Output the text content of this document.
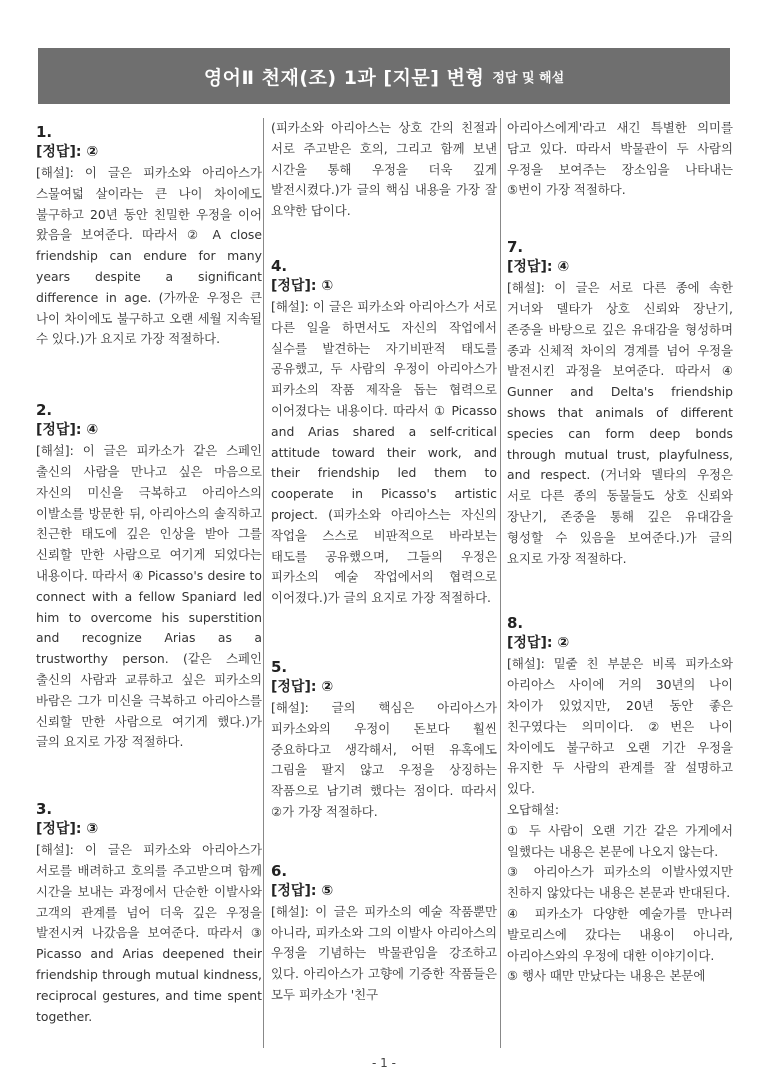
영어Ⅱ 천재(조) 1과 [지문] 변형 정답 및 해설
1.
[정답]: ②
[해설]: 이 글은 피카소와 아리아스가 스물여덟 살이라는 큰 나이 차이에도 불구하고 20년 동안 친밀한 우정을 이어 왔음을 보여준다. 따라서 ② A close friendship can endure for many years despite a significant difference in age. (가까운 우정은 큰 나이 차이에도 불구하고 오랜 세월 지속될 수 있다.)가 요지로 가장 적절하다.
2.
[정답]: ④
[해설]: 이 글은 피카소가 같은 스페인 출신의 사람을 만나고 싶은 마음으로 자신의 미신을 극복하고 아리아스의 이발소를 방문한 뒤, 아리아스의 솔직하고 친근한 태도에 깊은 인상을 받아 그를 신뢰할 만한 사람으로 여기게 되었다는 내용이다. 따라서 ④ Picasso's desire to connect with a fellow Spaniard led him to overcome his superstition and recognize Arias as a trustworthy person. (같은 스페인 출신의 사람과 교류하고 싶은 피카소의 바람은 그가 미신을 극복하고 아리아스를 신뢰할 만한 사람으로 여기게 했다.)가 글의 요지로 가장 적절하다.
3.
[정답]: ③
[해설]: 이 글은 피카소와 아리아스가 서로를 배려하고 호의를 주고받으며 함께 시간을 보내는 과정에서 단순한 이발사와 고객의 관계를 넘어 더욱 깊은 우정을 발전시켜 나갔음을 보여준다. 따라서 ③ Picasso and Arias deepened their friendship through mutual kindness, reciprocal gestures, and time spent together.
(피카소와 아리아스는 상호 간의 친절과 서로 주고받은 호의, 그리고 함께 보낸 시간을 통해 우정을 더욱 깊게 발전시켰다.)가 글의 핵심 내용을 가장 잘 요약한 답이다.
4.
[정답]: ①
[해설]: 이 글은 피카소와 아리아스가 서로 다른 일을 하면서도 자신의 작업에서 실수를 발견하는 자기비판적 태도를 공유했고, 두 사람의 우정이 아리아스가 피카소의 작품 제작을 돕는 협력으로 이어졌다는 내용이다. 따라서 ① Picasso and Arias shared a self-critical attitude toward their work, and their friendship led them to cooperate in Picasso's artistic project. (피카소와 아리아스는 자신의 작업을 스스로 비판적으로 바라보는 태도를 공유했으며, 그들의 우정은 피카소의 예술 작업에서의 협력으로 이어졌다.)가 글의 요지로 가장 적절하다.
5.
[정답]: ②
[해설]: 글의 핵심은 아리아스가 피카소와의 우정이 돈보다 훨씬 중요하다고 생각해서, 어떤 유혹에도 그림을 팔지 않고 우정을 상징하는 작품으로 남기려 했다는 점이다. 따라서 ②가 가장 적절하다.
6.
[정답]: ⑤
[해설]: 이 글은 피카소의 예술 작품뿐만 아니라, 피카소와 그의 이발사 아리아스의 우정을 기념하는 박물관임을 강조하고 있다. 아리아스가 고향에 기증한 작품들은 모두 피카소가 '친구
아리아스에게'라고 새긴 특별한 의미를 담고 있다. 따라서 박물관이 두 사람의 우정을 보여주는 장소임을 나타내는 ⑤번이 가장 적절하다.
7.
[정답]: ④
[해설]: 이 글은 서로 다른 종에 속한 거너와 델타가 상호 신뢰와 장난기, 존중을 바탕으로 깊은 유대감을 형성하며 종과 신체적 차이의 경계를 넘어 우정을 발전시킨 과정을 보여준다. 따라서 ④ Gunner and Delta's friendship shows that animals of different species can form deep bonds through mutual trust, playfulness, and respect. (거너와 델타의 우정은 서로 다른 종의 동물들도 상호 신뢰와 장난기, 존중을 통해 깊은 유대감을 형성할 수 있음을 보여준다.)가 글의 요지로 가장 적절하다.
8.
[정답]: ②
[해설]: 밑줄 친 부분은 비록 피카소와 아리아스 사이에 거의 30년의 나이 차이가 있었지만, 20년 동안 좋은 친구였다는 의미이다. ②번은 나이 차이에도 불구하고 오랜 기간 우정을 유지한 두 사람의 관계를 잘 설명하고 있다.
오답해설:
① 두 사람이 오랜 기간 같은 가게에서 일했다는 내용은 본문에 나오지 않는다.
③ 아리아스가 피카소의 이발사였지만 친하지 않았다는 내용은 본문과 반대된다.
④ 피카소가 다양한 예술가를 만나러 발로리스에 갔다는 내용이 아니라, 아리아스와의 우정에 대한 이야기이다.
⑤ 행사 때만 만났다는 내용은 본문에
- 1 -
